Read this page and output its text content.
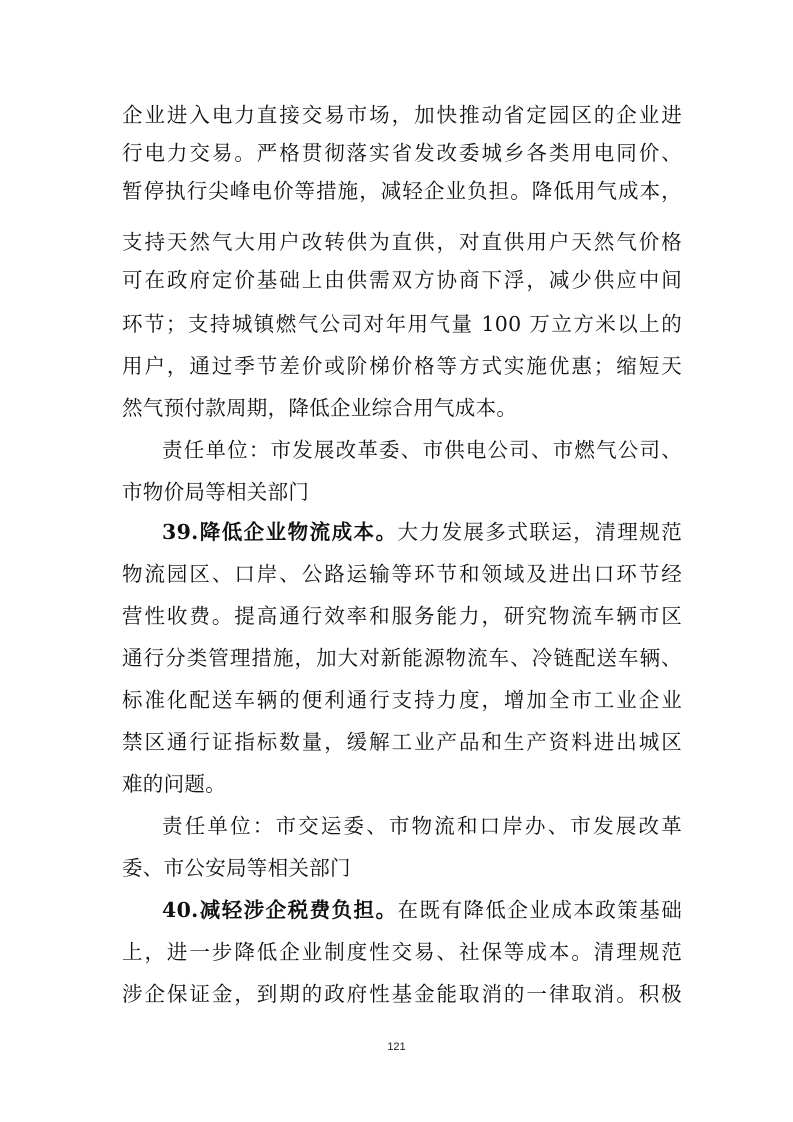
企业进入电力直接交易市场，加快推动省定园区的企业进
行电力交易。严格贯彻落实省发改委城乡各类用电同价、
暂停执行尖峰电价等措施，减轻企业负担。降低用气成本，
支持天然气大用户改转供为直供，对直供用户天然气价格
可在政府定价基础上由供需双方协商下浮，减少供应中间
环节；支持城镇燃气公司对年用气量 100 万立方米以上的
用户，通过季节差价或阶梯价格等方式实施优惠；缩短天
然气预付款周期，降低企业综合用气成本。
责任单位：市发展改革委、市供电公司、市燃气公司、
市物价局等相关部门
39.降低企业物流成本。大力发展多式联运，清理规范
物流园区、口岸、公路运输等环节和领域及进出口环节经
营性收费。提高通行效率和服务能力，研究物流车辆市区
通行分类管理措施，加大对新能源物流车、冷链配送车辆、
标准化配送车辆的便利通行支持力度，增加全市工业企业
禁区通行证指标数量，缓解工业产品和生产资料进出城区
难的问题。
责任单位：市交运委、市物流和口岸办、市发展改革
委、市公安局等相关部门
40.减轻涉企税费负担。在既有降低企业成本政策基础
上，进一步降低企业制度性交易、社保等成本。清理规范
涉企保证金，到期的政府性基金能取消的一律取消。积极
121
